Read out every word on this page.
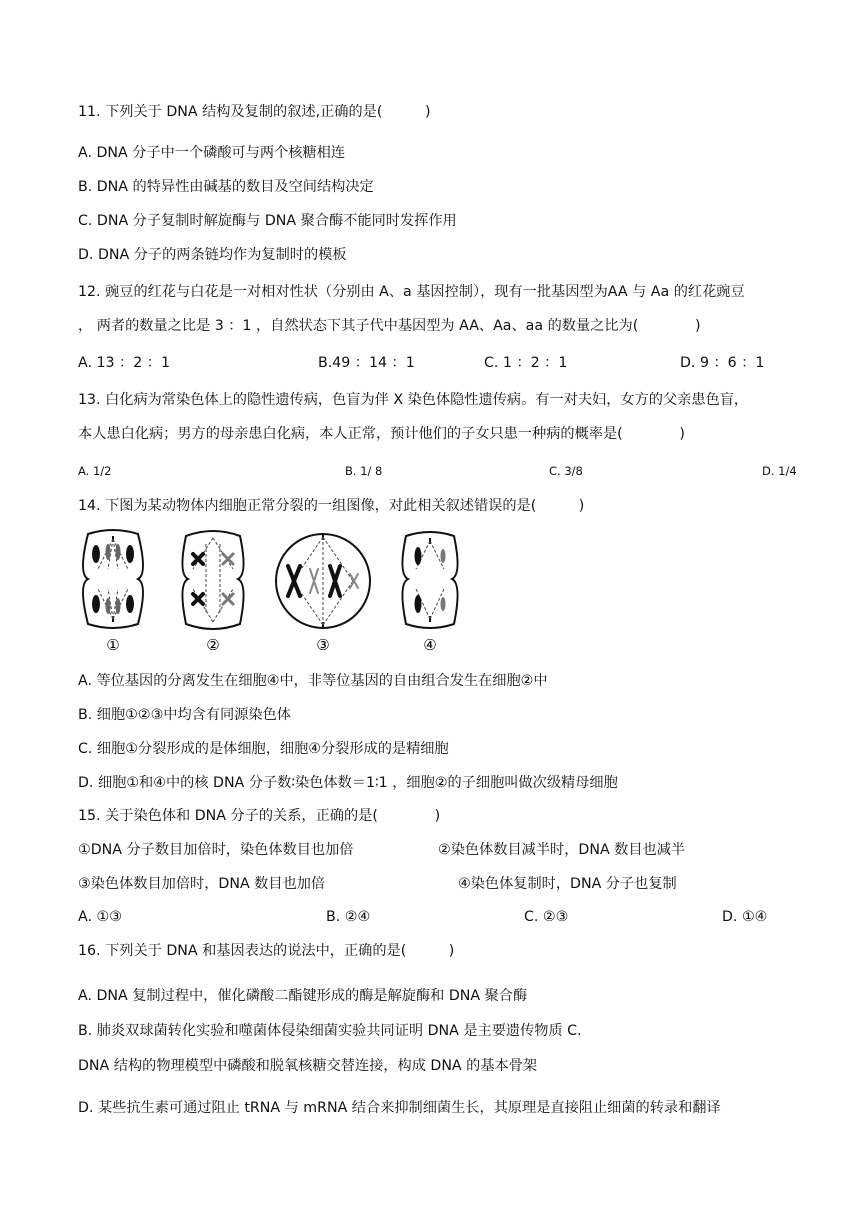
11. 下列关于 DNA 结构及复制的叙述,正确的是(　　　)
A. DNA 分子中一个磷酸可与两个核糖相连
B. DNA 的特异性由碱基的数目及空间结构决定
C. DNA 分子复制时解旋酶与 DNA 聚合酶不能同时发挥作用
D. DNA 分子的两条链均作为复制时的模板
12. 豌豆的红花与白花是一对相对性状（分别由 A、a 基因控制），现有一批基因型为AA 与 Aa 的红花豌豆
， 两者的数量之比是 3 ：1 ，自然状态下其子代中基因型为 AA、Aa、aa 的数量之比为(　　　　)
A. 13 ：2 ：1	B.49 ：14 ：1	C. 1 ：2 ：1	D. 9 ：6 ：1
13. 白化病为常染色体上的隐性遗传病，色盲为伴 X 染色体隐性遗传病。有一对夫妇，女方的父亲患色盲，
本人患白化病；男方的母亲患白化病，本人正常，预计他们的子女只患一种病的概率是(　　　　)
A. 1/2	B. 1/ 8	C. 3/8	D. 1/4
14. 下图为某动物体内细胞正常分裂的一组图像，对此相关叙述错误的是(　　　)
①	②	③	④
A. 等位基因的分离发生在细胞④中，非等位基因的自由组合发生在细胞②中
B. 细胞①②③中均含有同源染色体
C. 细胞①分裂形成的是体细胞，细胞④分裂形成的是精细胞
D. 细胞①和④中的核 DNA 分子数∶染色体数＝1∶1 ，细胞②的子细胞叫做次级精母细胞
15. 关于染色体和 DNA 分子的关系，正确的是(　　　　)
①DNA 分子数目加倍时，染色体数目也加倍	②染色体数目减半时，DNA 数目也减半
③染色体数目加倍时，DNA 数目也加倍	④染色体复制时，DNA 分子也复制
A. ①③	B. ②④	C. ②③	D. ①④
16. 下列关于 DNA 和基因表达的说法中，正确的是(　　　)
A. DNA 复制过程中，催化磷酸二酯键形成的酶是解旋酶和 DNA 聚合酶
B. 肺炎双球菌转化实验和噬菌体侵染细菌实验共同证明 DNA 是主要遗传物质 C.
DNA 结构的物理模型中磷酸和脱氧核糖交替连接，构成 DNA 的基本骨架
D. 某些抗生素可通过阻止 tRNA 与 mRNA 结合来抑制细菌生长，其原理是直接阻止细菌的转录和翻译
